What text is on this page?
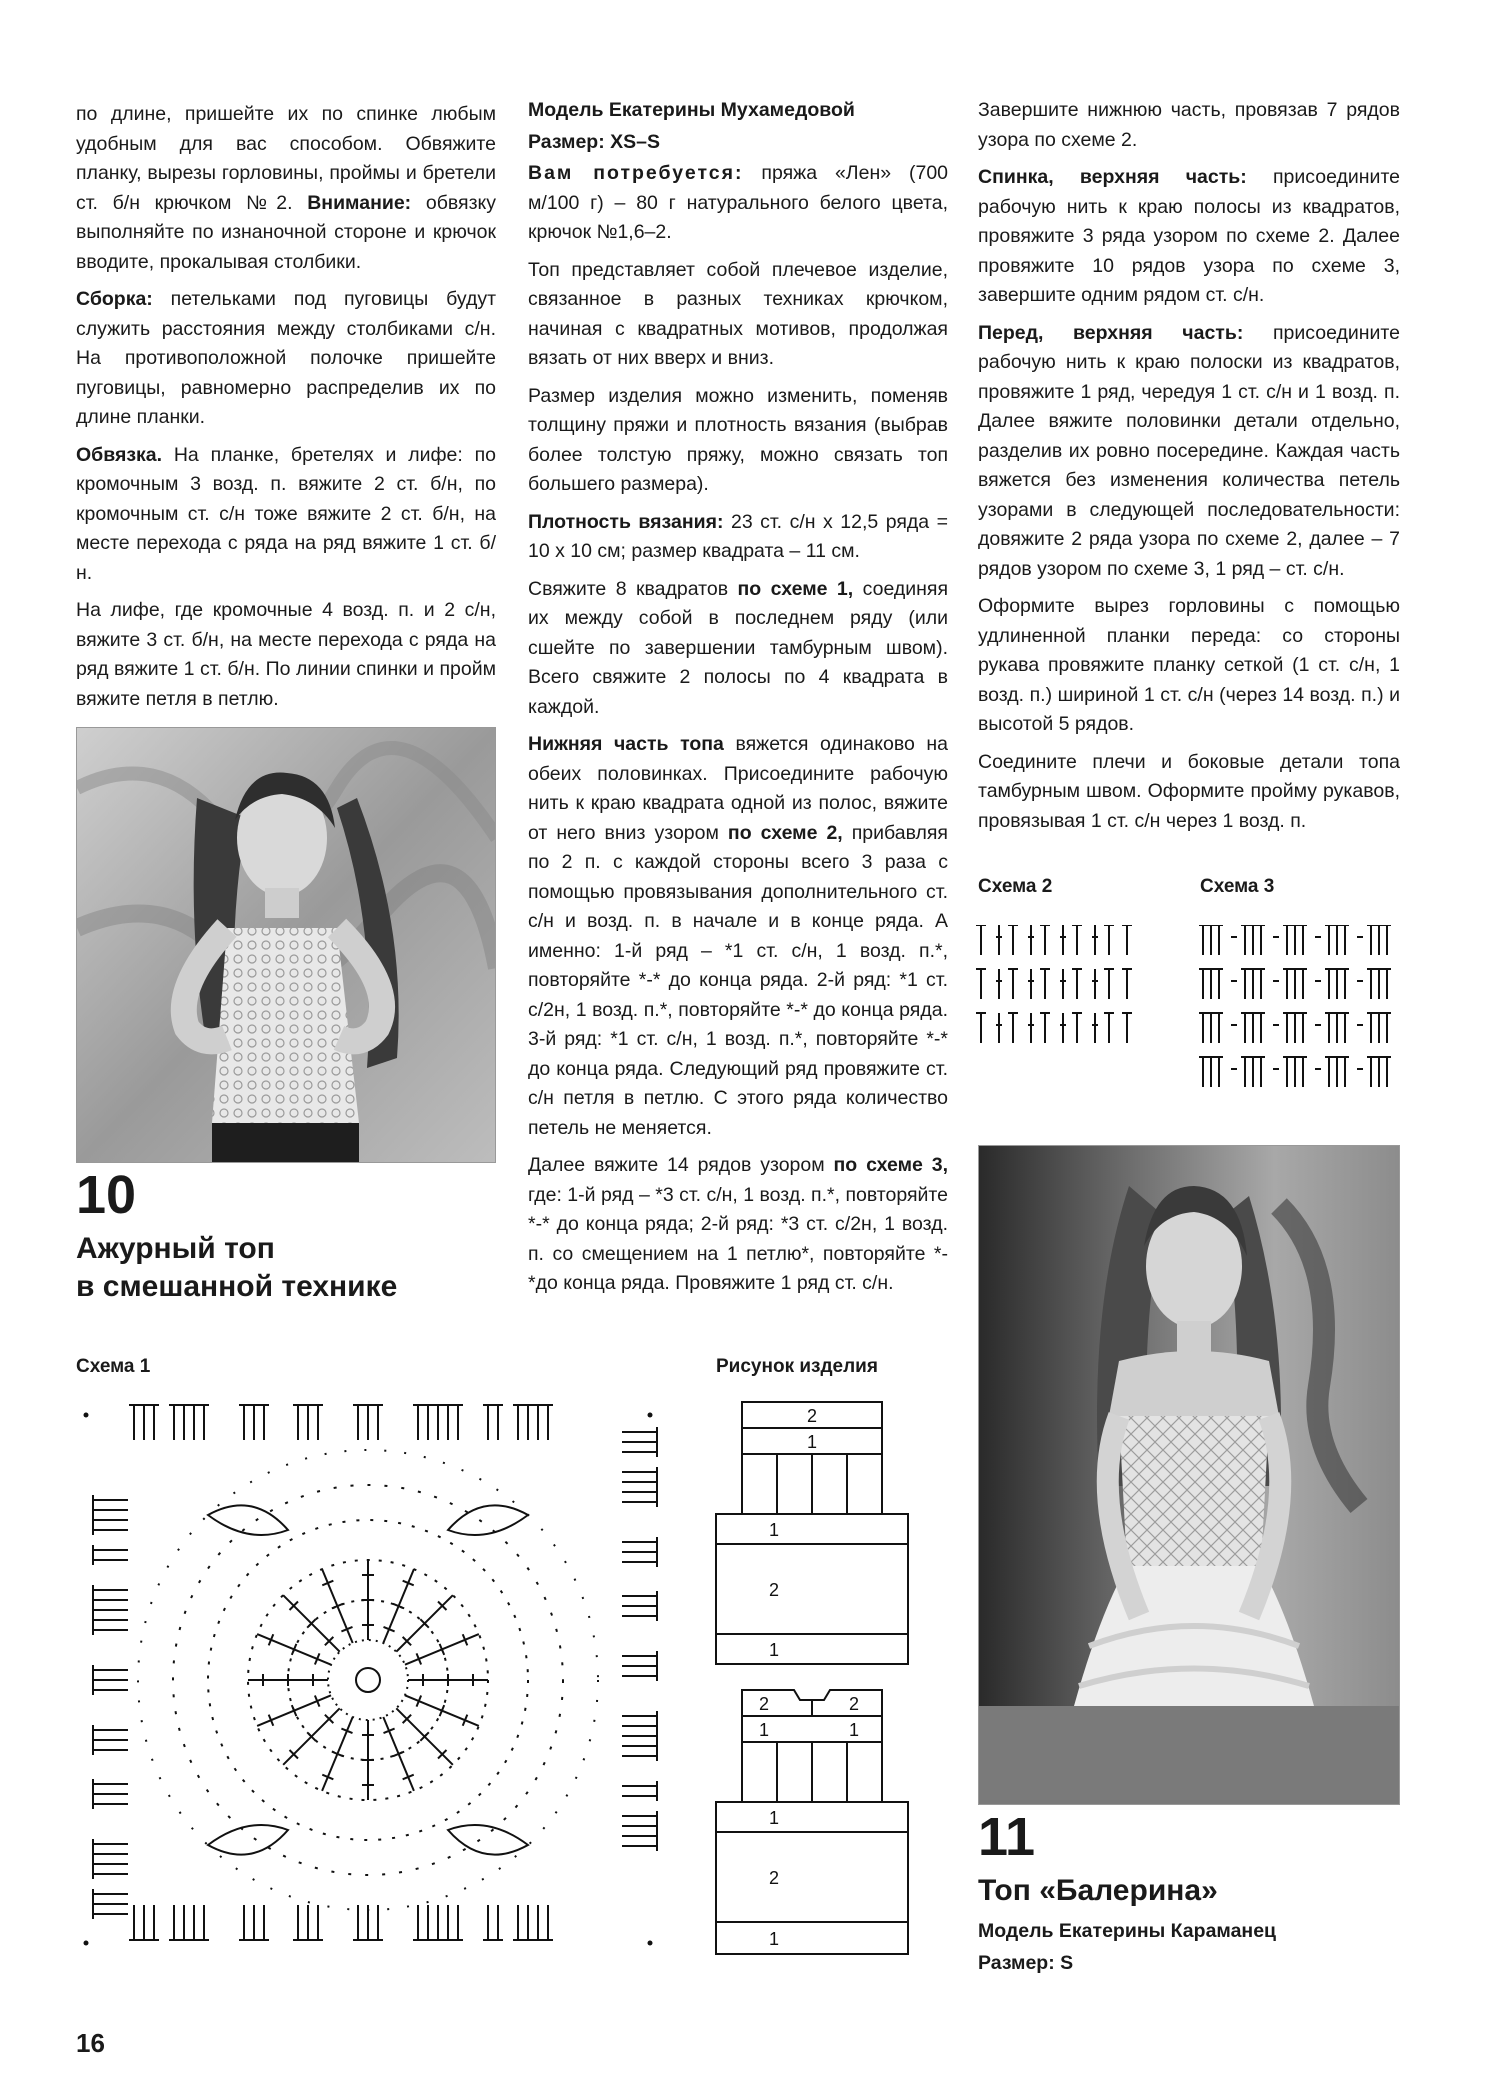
по длине, пришейте их по спинке любым удобным для вас способом. Обвяжите планку, вырезы горловины, проймы и бретели ст. б/н крючком №2. Внимание: обвязку выполняйте по изнаночной стороне и крючок вводите, прокалывая столбики.

Сборка: петельками под пуговицы будут служить расстояния между столбиками с/н. На противоположной полочке пришейте пуговицы, равномерно распределив их по длине планки.

Обвязка. На планке, бретелях и лифе: по кромочным 3 возд. п. вяжите 2 ст. б/н, по кромочным ст. с/н тоже вяжите 2 ст. б/н, на месте перехода с ряда на ряд вяжите 1 ст. б/н.

На лифе, где кромочные 4 возд. п. и 2 с/н, вяжите 3 ст. б/н, на месте перехода с ряда на ряд вяжите 1 ст. б/н. По линии спинки и пройм вяжите петля в петлю.

10
Ажурный топ
в смешанной технике

Модель Екатерины Мухамедовой

Размер: XS–S

Вам потребуется: пряжа «Лен» (700 м/100 г) – 80 г натурального белого цвета, крючок №1,6–2.

Топ представляет собой плечевое изделие, связанное в разных техниках крючком, начиная с квадратных мотивов, продолжая вязать от них вверх и вниз.

Размер изделия можно изменить, поменяв толщину пряжи и плотность вязания (выбрав более толстую пряжу, можно связать топ большего размера).

Плотность вязания: 23 ст. с/н х 12,5 ряда = 10 х 10 см; размер квадрата – 11 см.

Свяжите 8 квадратов по схеме 1, соединяя их между собой в последнем ряду (или сшейте по завершении тамбурным швом). Всего свяжите 2 полосы по 4 квадрата в каждой.

Нижняя часть топа вяжется одинаково на обеих половинках. Присоедините рабочую нить к краю квадрата одной из полос, вяжите от него вниз узором по схеме 2, прибавляя по 2 п. с каждой стороны всего 3 раза с помощью провязывания дополнительного ст. с/н и возд. п. в начале и в конце ряда. А именно: 1-й ряд – *1 ст. с/н, 1 возд. п.*, повторяйте *-* до конца ряда. 2-й ряд: *1 ст. с/2н, 1 возд. п.*, повторяйте *-* до конца ряда. 3-й ряд: *1 ст. с/н, 1 возд. п.*, повторяйте *-* до конца ряда. Следующий ряд провяжите ст. с/н петля в петлю. С этого ряда количество петель не меняется.

Далее вяжите 14 рядов узором по схеме 3, где: 1-й ряд – *3 ст. с/н, 1 возд. п.*, повторяйте *-* до конца ряда; 2-й ряд: *3 ст. с/2н, 1 возд. п. со смещением на 1 петлю*, повторяйте *-*до конца ряда. Провяжите 1 ряд ст. с/н.

Завершите нижнюю часть, провязав 7 рядов узора по схеме 2.

Спинка, верхняя часть: присоедините рабочую нить к краю полосы из квадратов, провяжите 3 ряда узором по схеме 2. Далее провяжите 10 рядов узора по схеме 3, завершите одним рядом ст. с/н.

Перед, верхняя часть: присоедините рабочую нить к краю полоски из квадратов, провяжите 1 ряд, чередуя 1 ст. с/н и 1 возд. п. Далее вяжите половинки детали отдельно, разделив их ровно посередине. Каждая часть вяжется без изменения количества петель узорами в следующей последовательности: довяжите 2 ряда узора по схеме 2, далее – 7 рядов узором по схеме 3, 1 ряд – ст. с/н.

Оформите вырез горловины с помощью удлиненной планки переда: со стороны рукава провяжите планку сеткой (1 ст. с/н, 1 возд. п.) шириной 1 ст. с/н (через 14 возд. п.) и высотой 5 рядов.

Соедините плечи и боковые детали топа тамбурным швом. Оформите пройму рукавов, провязывая 1 ст. с/н через 1 возд. п.

Схема 2	Схема 3
11
Топ «Балерина»
Модель Екатерины Караманец
Размер: S
Схема 1	Рисунок изделия
2
1
1
2
1
2	2
1	1
1
2
1
16
